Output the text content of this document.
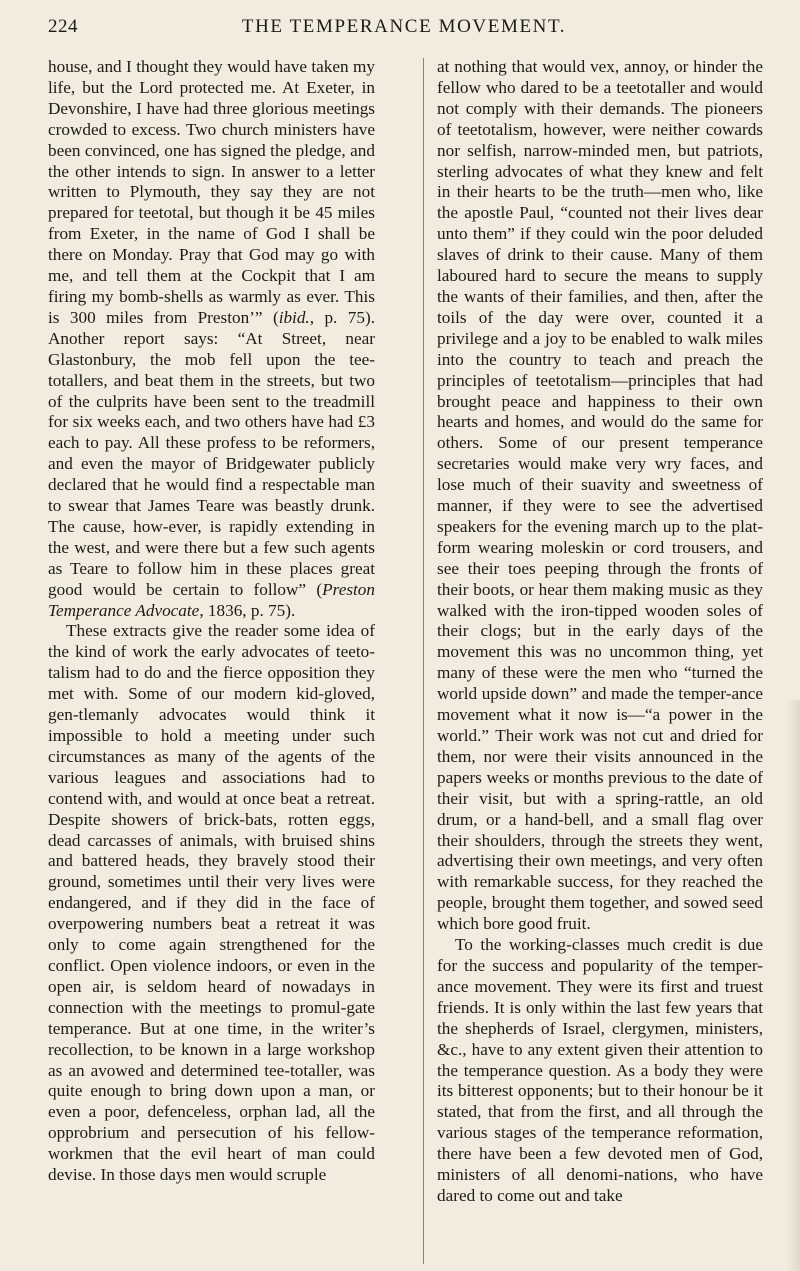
224	THE TEMPERANCE MOVEMENT.

house, and I thought they would have taken my life, but the Lord protected me. At Exeter, in Devonshire, I have had three glorious meetings crowded to excess. Two church ministers have been convinced, one has signed the pledge, and the other intends to sign. In answer to a letter written to Plymouth, they say they are not prepared for teetotal, but though it be 45 miles from Exeter, in the name of God I shall be there on Monday. Pray that God may go with me, and tell them at the Cockpit that I am firing my bomb-shells as warmly as ever. This is 300 miles from Preston’” (ibid., p. 75). Another report says: “At Street, near Glastonbury, the mob fell upon the tee-totallers, and beat them in the streets, but two of the culprits have been sent to the treadmill for six weeks each, and two others have had £3 each to pay. All these profess to be reformers, and even the mayor of Bridgewater publicly declared that he would find a respectable man to swear that James Teare was beastly drunk. The cause, how-ever, is rapidly extending in the west, and were there but a few such agents as Teare to follow him in these places great good would be certain to follow” (Preston Temperance Advocate, 1836, p. 75).

These extracts give the reader some idea of the kind of work the early advocates of teeto-talism had to do and the fierce opposition they met with. Some of our modern kid-gloved, gen-tlemanly advocates would think it impossible to hold a meeting under such circumstances as many of the agents of the various leagues and associations had to contend with, and would at once beat a retreat. Despite showers of brick-bats, rotten eggs, dead carcasses of animals, with bruised shins and battered heads, they bravely stood their ground, sometimes until their very lives were endangered, and if they did in the face of overpowering numbers beat a retreat it was only to come again strengthened for the conflict. Open violence indoors, or even in the open air, is seldom heard of nowadays in connection with the meetings to promul-gate temperance. But at one time, in the writer’s recollection, to be known in a large workshop as an avowed and determined tee-totaller, was quite enough to bring down upon a man, or even a poor, defenceless, orphan lad, all the opprobrium and persecution of his fellow-workmen that the evil heart of man could devise. In those days men would scruple

at nothing that would vex, annoy, or hinder the fellow who dared to be a teetotaller and would not comply with their demands. The pioneers of teetotalism, however, were neither cowards nor selfish, narrow-minded men, but patriots, sterling advocates of what they knew and felt in their hearts to be the truth—men who, like the apostle Paul, “counted not their lives dear unto them” if they could win the poor deluded slaves of drink to their cause. Many of them laboured hard to secure the means to supply the wants of their families, and then, after the toils of the day were over, counted it a privilege and a joy to be enabled to walk miles into the country to teach and preach the principles of teetotalism—principles that had brought peace and happiness to their own hearts and homes, and would do the same for others. Some of our present temperance secretaries would make very wry faces, and lose much of their suavity and sweetness of manner, if they were to see the advertised speakers for the evening march up to the plat-form wearing moleskin or cord trousers, and see their toes peeping through the fronts of their boots, or hear them making music as they walked with the iron-tipped wooden soles of their clogs; but in the early days of the movement this was no uncommon thing, yet many of these were the men who “turned the world upside down” and made the temper-ance movement what it now is—“a power in the world.” Their work was not cut and dried for them, nor were their visits announced in the papers weeks or months previous to the date of their visit, but with a spring-rattle, an old drum, or a hand-bell, and a small flag over their shoulders, through the streets they went, advertising their own meetings, and very often with remarkable success, for they reached the people, brought them together, and sowed seed which bore good fruit.

To the working-classes much credit is due for the success and popularity of the temper-ance movement. They were its first and truest friends. It is only within the last few years that the shepherds of Israel, clergymen, ministers, &c., have to any extent given their attention to the temperance question. As a body they were its bitterest opponents; but to their honour be it stated, that from the first, and all through the various stages of the temperance reformation, there have been a few devoted men of God, ministers of all denomi-nations, who have dared to come out and take
